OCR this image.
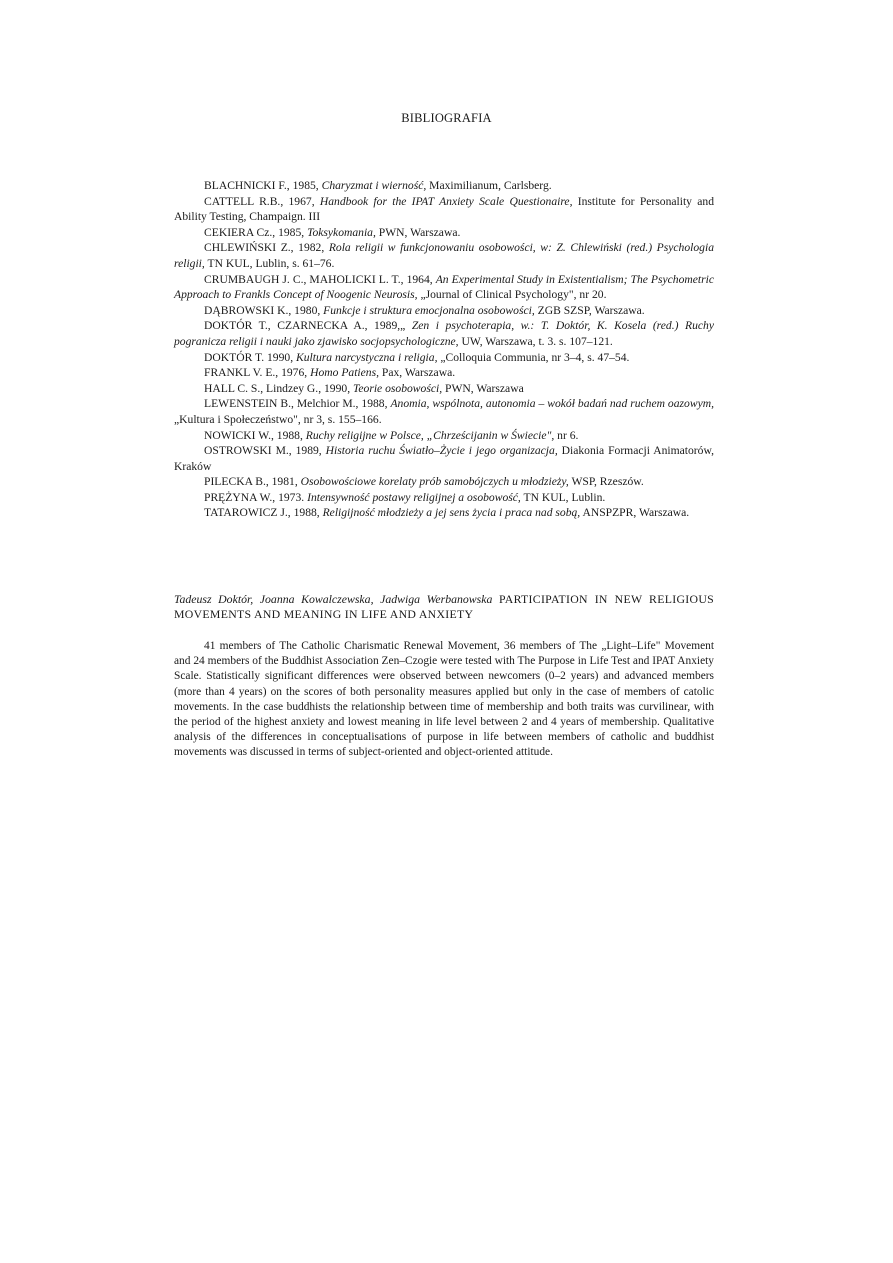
BIBLIOGRAFIA

BLACHNICKI F., 1985, Charyzmat i wierność, Maximilianum, Carlsberg.

CATTELL R.B., 1967, Handbook for the IPAT Anxiety Scale Questionaire, Institute for Personality and Ability Testing, Champaign. III

CEKIERA Cz., 1985, Toksykomania, PWN, Warszawa.

CHLEWIŃSKI Z., 1982, Rola religii w funkcjonowaniu osobowości, w: Z. Chlewiński (red.) Psychologia religii, TN KUL, Lublin, s. 61–76.

CRUMBAUGH J. C., MAHOLICKI L. T., 1964, An Experimental Study in Existentialism; The Psychometric Approach to Frankls Concept of Noogenic Neurosis, „Journal of Clinical Psychology", nr 20.

DĄBROWSKI K., 1980, Funkcje i struktura emocjonalna osobowości, ZGB SZSP, Warszawa.

DOKTÓR T., CZARNECKA A., 1989,„ Zen i psychoterapia, w.: T. Doktór, K. Kosela (red.) Ruchy pogranicza religii i nauki jako zjawisko socjopsychologiczne, UW, Warszawa, t. 3. s. 107–121.

DOKTÓR T. 1990, Kultura narcystyczna i religia, „Colloquia Communia, nr 3–4, s. 47–54.

FRANKL V. E., 1976, Homo Patiens, Pax, Warszawa.

HALL C. S., Lindzey G., 1990, Teorie osobowości, PWN, Warszawa

LEWENSTEIN B., Melchior M., 1988, Anomia, wspólnota, autonomia – wokół badań nad ruchem oazowym, „Kultura i Społeczeństwo", nr 3, s. 155–166.

NOWICKI W., 1988, Ruchy religijne w Polsce, „Chrześcijanin w Świecie", nr 6.

OSTROWSKI M., 1989, Historia ruchu Światło–Życie i jego organizacja, Diakonia Formacji Animatorów, Kraków

PILECKA B., 1981, Osobowościowe korelaty prób samobójczych u młodzieży, WSP, Rzeszów.

PRĘŻYNA W., 1973. Intensywność postawy religijnej a osobowość, TN KUL, Lublin.

TATAROWICZ J., 1988, Religijność młodzieży a jej sens życia i praca nad sobą, ANSPZPR, Warszawa.

Tadeusz Doktór, Joanna Kowalczewska, Jadwiga Werbanowska PARTICIPATION IN NEW RELIGIOUS MOVEMENTS AND MEANING IN LIFE AND ANXIETY

41 members of The Catholic Charismatic Renewal Movement, 36 members of The „Light–Life" Movement and 24 members of the Buddhist Association Zen–Czogie were tested with The Purpose in Life Test and IPAT Anxiety Scale. Statistically significant differences were observed between newcomers (0–2 years) and advanced members (more than 4 years) on the scores of both personality measures applied but only in the case of members of catolic movements. In the case buddhists the relationship between time of membership and both traits was curvilinear, with the period of the highest anxiety and lowest meaning in life level between 2 and 4 years of membership. Qualitative analysis of the differences in conceptualisations of purpose in life between members of catholic and buddhist movements was discussed in terms of subject-oriented and object-oriented attitude.
